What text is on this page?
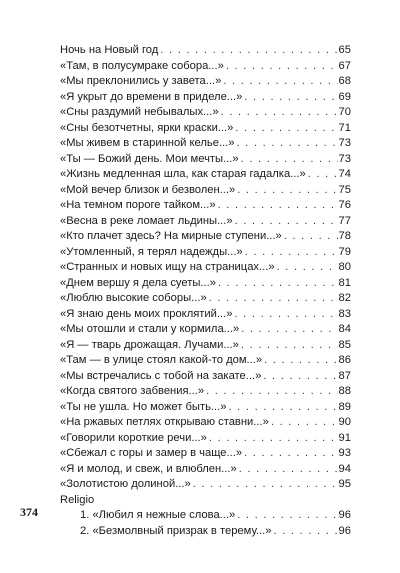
Ночь на Новый год . . .	65
«Там, в полусумраке собора...» . . .	67
«Мы преклонились у завета...» . . .	68
«Я укрыт до времени в приделе...» . . .	69
«Сны раздумий небывалых...» . . .	70
«Сны безотчетны, ярки краски...» . . .	71
«Мы живем в старинной келье...» . . .	73
«Ты — Божий день. Мои мечты...» . . .	73
«Жизнь медленная шла, как старая гадалка...» . . .	74
«Мой вечер близок и безволен...» . . .	75
«На темном пороге тайком...» . . .	76
«Весна в реке ломает льдины...» . . .	77
«Кто плачет здесь? На мирные ступени...» . . .	78
«Утомленный, я терял надежды...» . . .	79
«Странных и новых ищу на страницах...» . . .	80
«Днем вершу я дела суеты...» . . .	81
«Люблю высокие соборы...» . . .	82
«Я знаю день моих проклятий...» . . .	83
«Мы отошли и стали у кормила...» . . .	84
«Я — тварь дрожащая. Лучами...» . . .	85
«Там — в улице стоял какой-то дом...» . . .	86
«Мы встречались с тобой на закате...» . . .	87
«Когда святого забвения...» . . .	88
«Ты не ушла. Но может быть...» . . .	89
«На ржавых петлях открываю ставни...» . . .	90
«Говорили короткие речи...» . . .	91
«Сбежал с горы и замер в чаще...» . . .	93
«Я и молод, и свеж, и влюблен...» . . .	94
«Золотистою долиной...» . . .	95
Religio
1. «Любил я нежные слова...» . . .	96
2. «Безмолвный призрак в терему...» . . .	96
374
